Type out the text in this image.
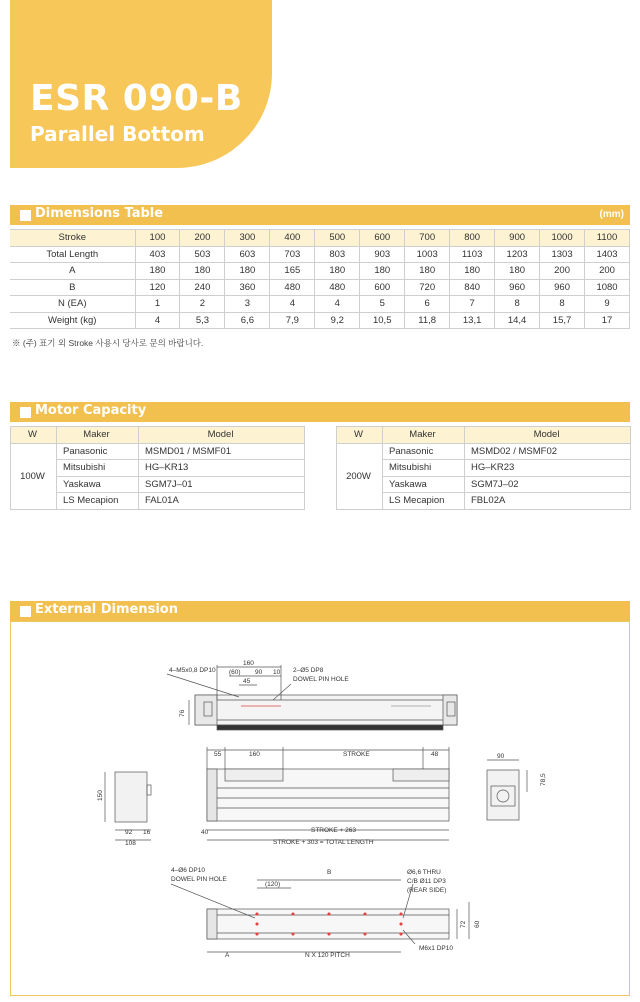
ESR 090-B
Parallel Bottom
Dimensions Table	(mm)
Stroke	100	200	300	400	500	600	700	800	900	1000	1100
Total Length	403	503	603	703	803	903	1003	1103	1203	1303	1403
A	180	180	180	165	180	180	180	180	180	200	200
B	120	240	360	480	480	600	720	840	960	960	1080
N (EA)	1	2	3	4	4	5	6	7	8	8	9
Weight (kg)	4	5,3	6,6	7,9	9,2	10,5	11,8	13,1	14,4	15,7	17
※ (주) 표기 외 Stroke 사용시 당사로 문의 바랍니다.
Motor Capacity
W	Maker	Model
100W	Panasonic	MSMD01 / MSMF01
	Mitsubishi	HG–KR13
	Yaskawa	SGM7J–01
	LS Mecapion	FAL01A
W	Maker	Model
200W	Panasonic	MSMD02 / MSMF02
	Mitsubishi	HG–KR23
	Yaskawa	SGM7J–02
	LS Mecapion	FBL02A
External Dimension
4–M5x0,8 DP10
160
(60) 90 10
45
2–Ø5 DP8
DOWEL PIN HOLE
76
150
92 16
108
55	160	STROKE	48
40	STROKE + 263
STROKE + 303 = TOTAL LENGTH
90
78,5
4–Ø6 DP10
DOWEL PIN HOLE
B
(120)
Ø6,6 THRU
C/B Ø11 DP3
(REAR SIDE)
72 60
A	N X 120 PITCH
M6x1 DP10
